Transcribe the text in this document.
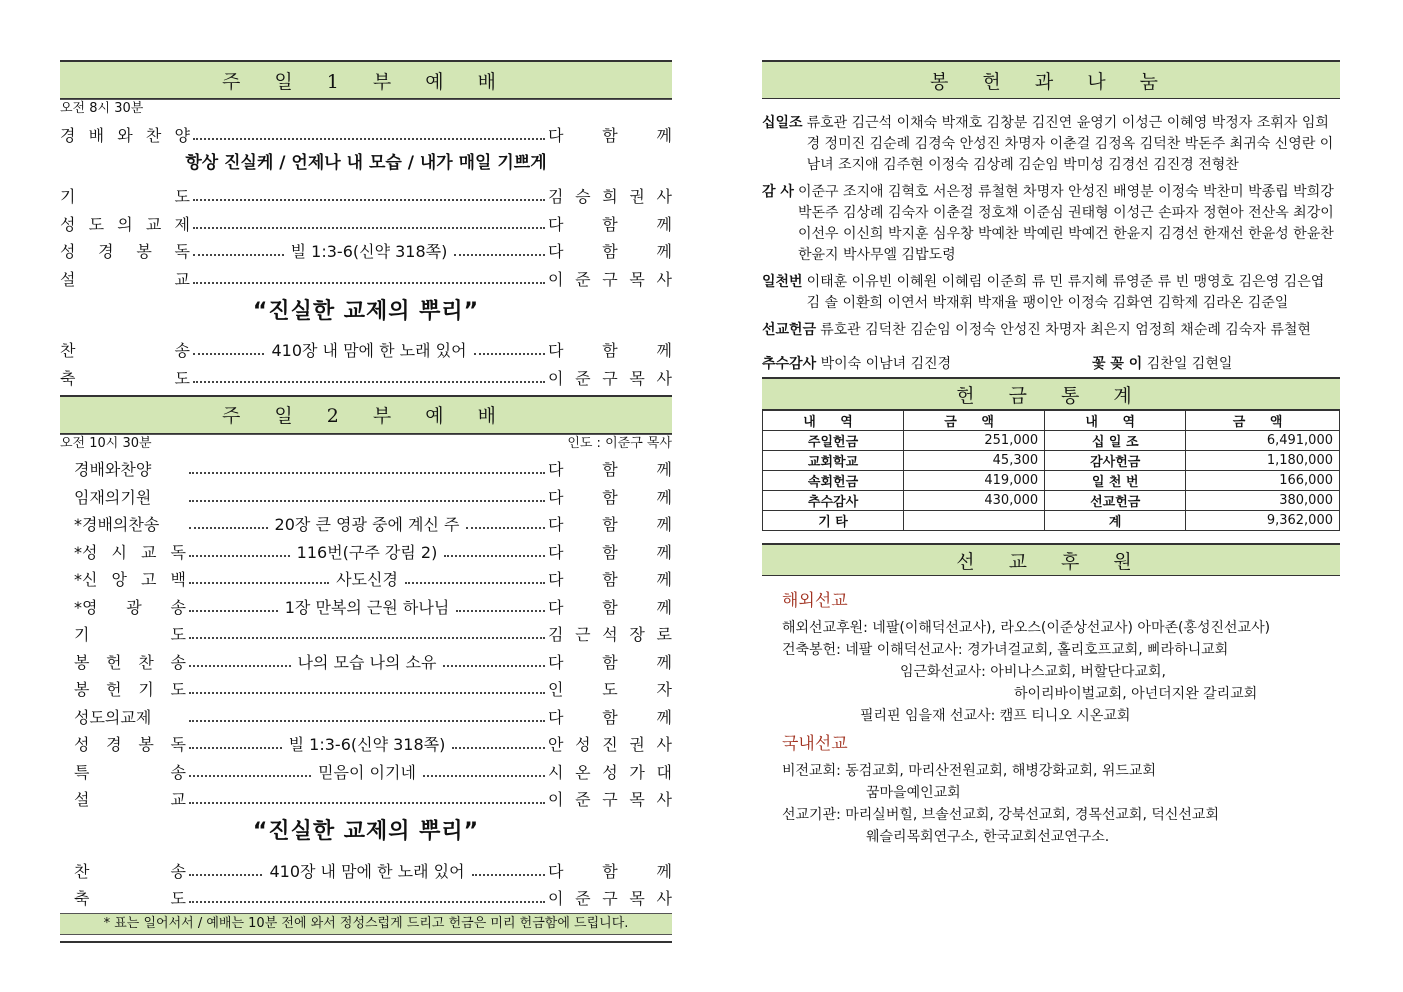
주 일 1 부 예 배
오전 8시 30분
경 배 와 찬 양	다 함 께
항상 진실케 / 언제나 내 모습 / 내가 매일 기쁘게
기	도	김 승 희 권 사
성 도 의 교 제	다 함 께
성 경 봉 독	빌 1:3-6(신약 318쪽)	다 함 께
설	교	이 준 구 목 사
“진실한 교제의 뿌리”
찬	송	410장 내 맘에 한 노래 있어	다 함 께
축	도	이 준 구 목 사
주 일 2 부 예 배
오전 10시 30분	인도 : 이준구 목사
경배와찬양	다 함 께
임재의기원	다 함 께
*경배의찬송	20장 큰 영광 중에 계신 주	다 함 께
*성 시 교 독	116번(구주 강림 2)	다 함 께
*신 앙 고 백	사도신경	다 함 께
*영 광 송	1장 만복의 근원 하나님	다 함 께
기	도	김 근 석 장 로
봉 헌 찬 송	나의 모습 나의 소유	다 함 께
봉 헌 기 도	인 도 자
성도의교제	다 함 께
성 경 봉 독	빌 1:3-6(신약 318쪽)	안 성 진 권 사
특	송	믿음이 이기네	시 온 성 가 대
설	교	이 준 구 목 사
“진실한 교제의 뿌리”
찬	송	410장 내 맘에 한 노래 있어	다 함 께
축	도	이 준 구 목 사
* 표는 일어서서 / 예배는 10분 전에 와서 정성스럽게 드리고 헌금은 미리 헌금함에 드립니다.
봉 헌 과 나 눔
십일조 류호관 김근석 이채숙 박재호 김창분 김진연 윤영기 이성근 이혜영 박정자 조휘자 임희경 정미진 김순례 김경숙 안성진 차명자 이춘걸 김정옥 김덕찬 박돈주 최귀숙 신영란 이남녀 조지애 김주현 이정숙 김상례 김순임 박미성 김경선 김진경 전형찬
감 사 이준구 조지애 김혁호 서은정 류철현 차명자 안성진 배영분 이정숙 박찬미 박종립 박희강 박돈주 김상례 김숙자 이춘걸 정호채 이준심 권태형 이성근 손파자 정현아 전산옥 최강이 이선우 이신희 박지훈 심우창 박예찬 박예린 박예건 한윤지 김경선 한재선 한윤성 한윤찬 한윤지 박사무엘 김밥도령
일천번 이태훈 이유빈 이혜원 이혜림 이준희 류 민 류지혜 류영준 류 빈 맹영호 김은영 김은엽 김 솔 이환희 이연서 박재휘 박재율 팽이안 이정숙 김화연 김학제 김라온 김준일
선교헌금 류호관 김덕찬 김순임 이정숙 안성진 차명자 최은지 엄정희 채순례 김숙자 류철현
추수감사 박이숙 이남녀 김진경	꽃 꽂 이 김찬일 김현일
헌 금 통 계
내 역	금 액	내 역	금 액
주일헌금	251,000	십 일 조	6,491,000
교회학교	45,300	감사헌금	1,180,000
속회헌금	419,000	일 천 번	166,000
추수감사	430,000	선교헌금	380,000
기 타		계	9,362,000
선 교 후 원
해외선교
해외선교후원: 네팔(이해덕선교사), 라오스(이준상선교사) 아마존(홍성진선교사)
건축봉헌: 네팔 이해덕선교사: 경가녀걸교회, 홀리호프교회, 삐라하니교회
임근화선교사: 아비나스교회, 버할단다교회,
하이리바이벌교회, 아넌더지완 갈리교회
필리핀 임을재 선교사: 캠프 티니오 시온교회
국내선교
비전교회: 동검교회, 마리산전원교회, 해병강화교회, 위드교회
꿈마을예인교회
선교기관: 마리실버힐, 브솔선교회, 강북선교회, 경목선교회, 덕신선교회
웨슬리목회연구소, 한국교회선교연구소.
